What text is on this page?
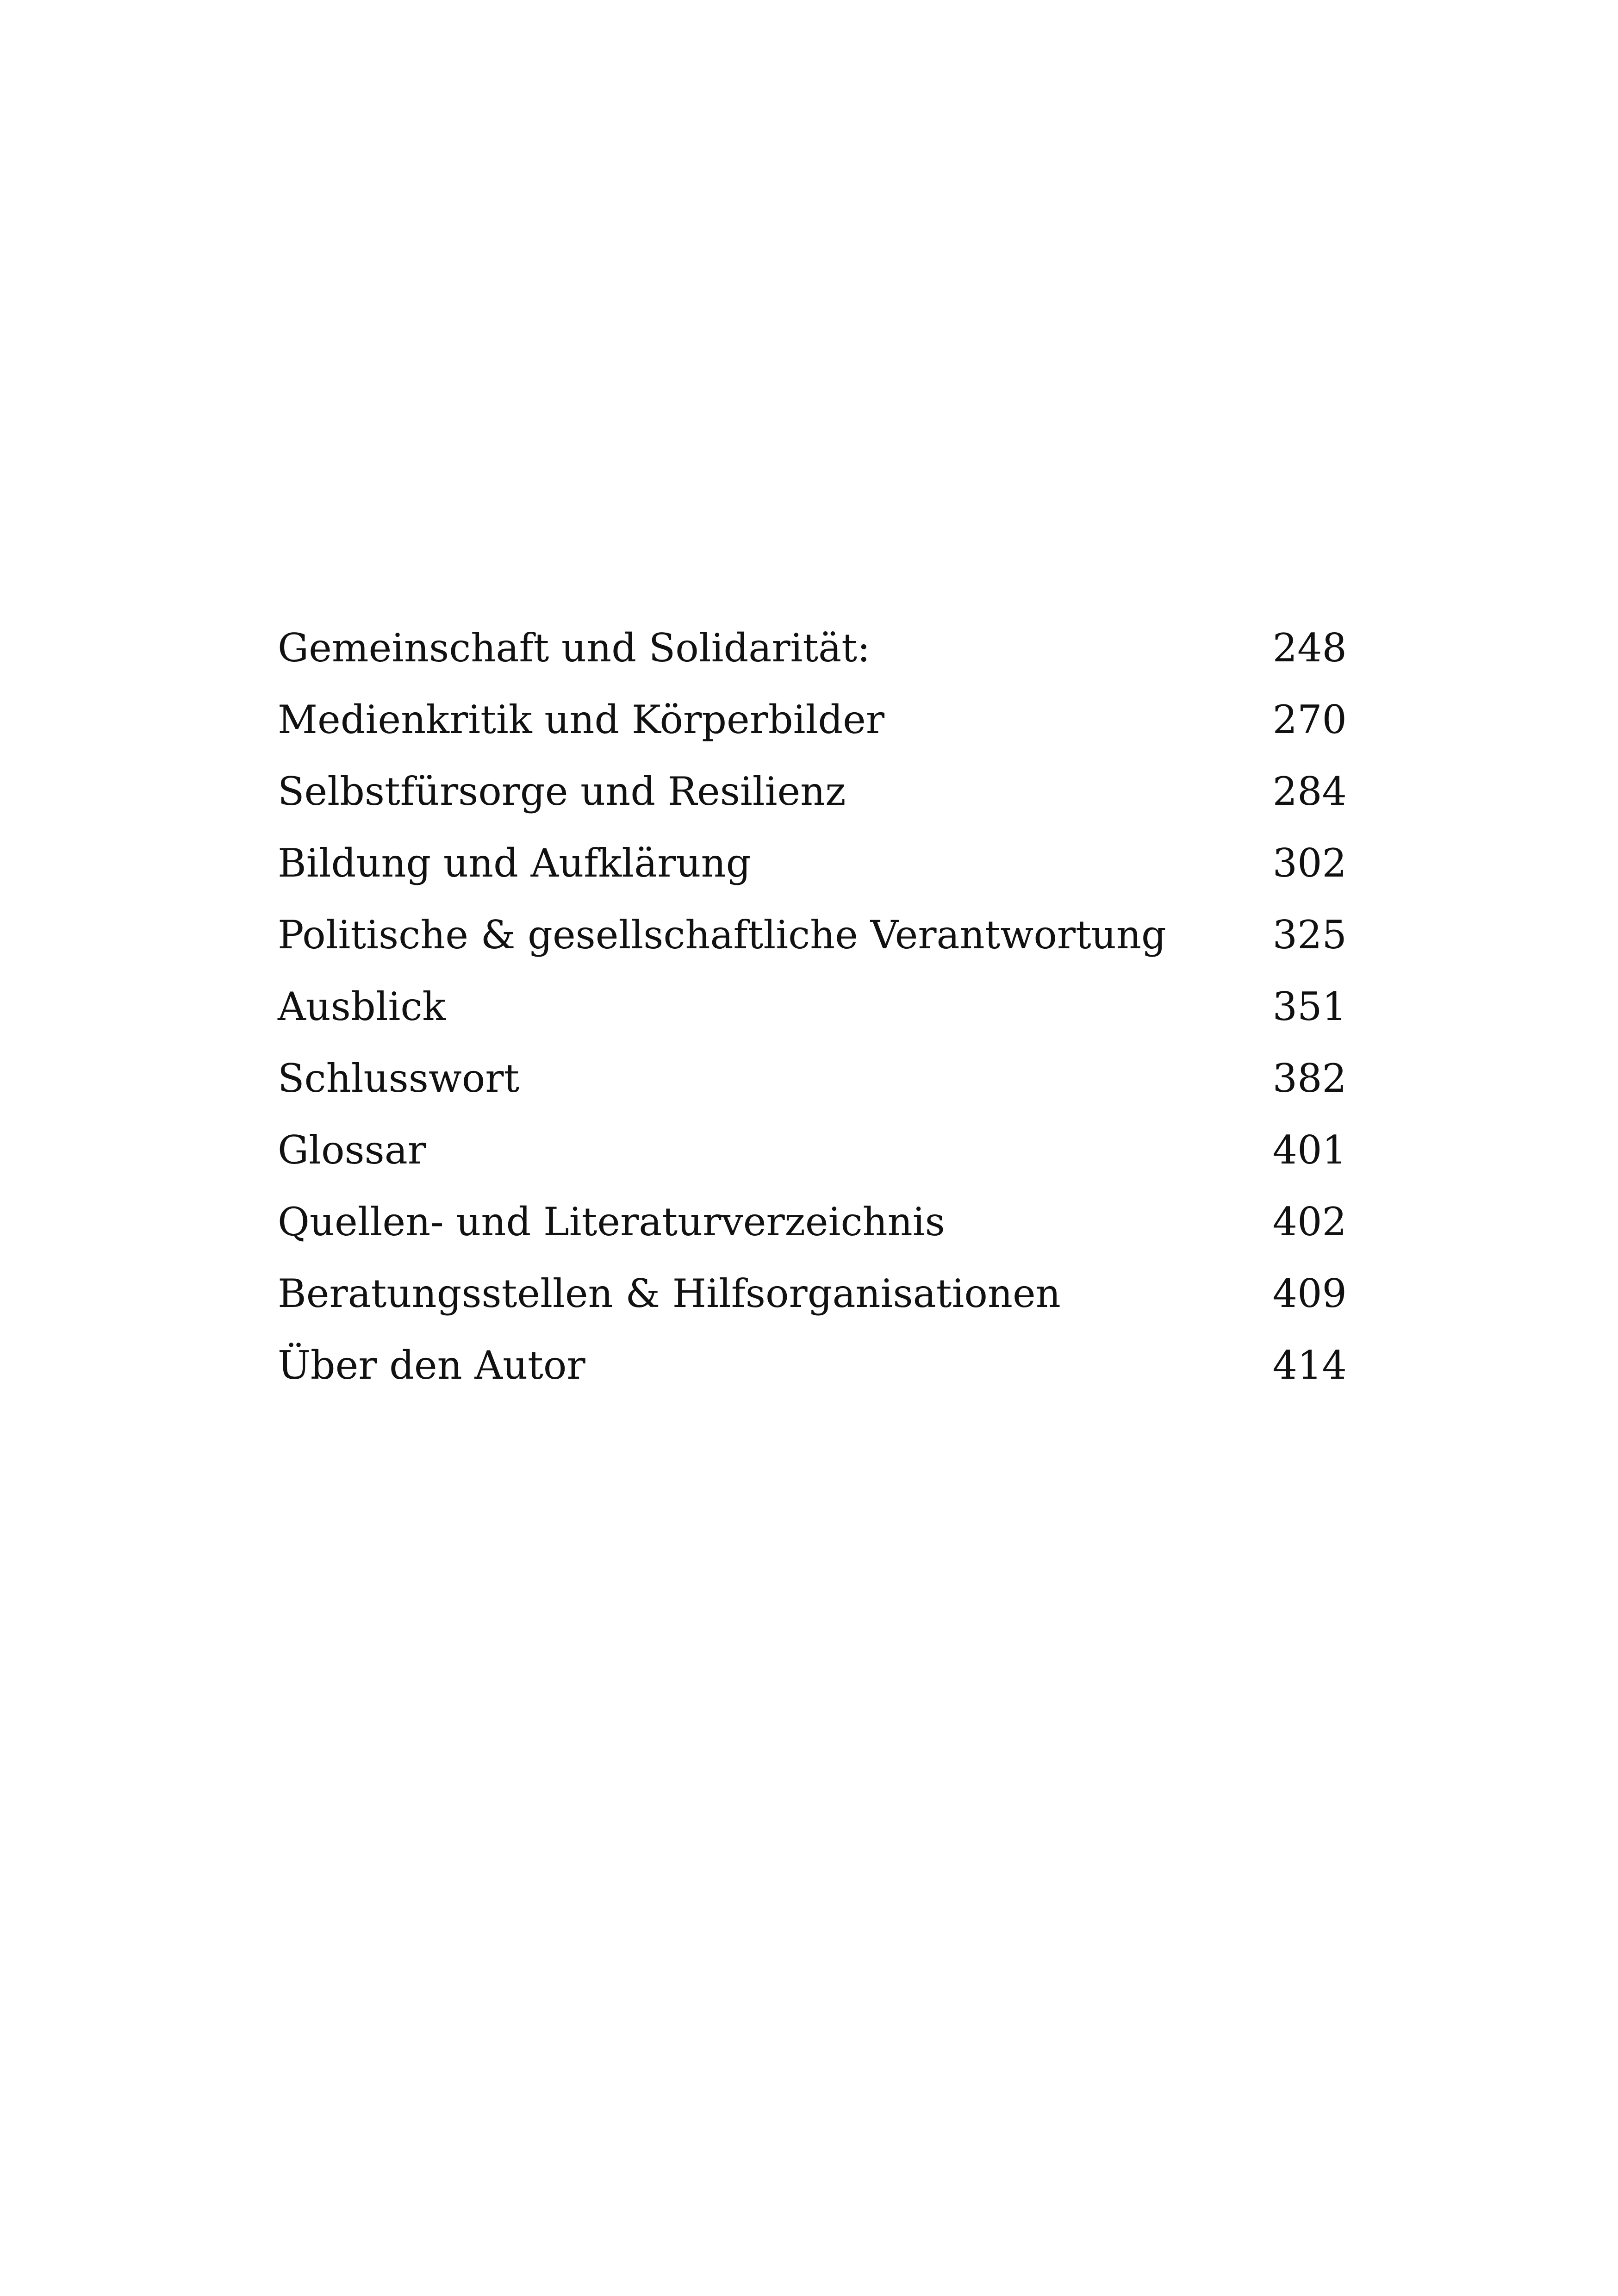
Gemeinschaft und Solidarität:	248
Medienkritik und Körperbilder	270
Selbstfürsorge und Resilienz	284
Bildung und Aufklärung	302
Politische & gesellschaftliche Verantwortung	325
Ausblick	351
Schlusswort	382
Glossar	401
Quellen- und Literaturverzeichnis	402
Beratungsstellen & Hilfsorganisationen	409
Über den Autor	414
